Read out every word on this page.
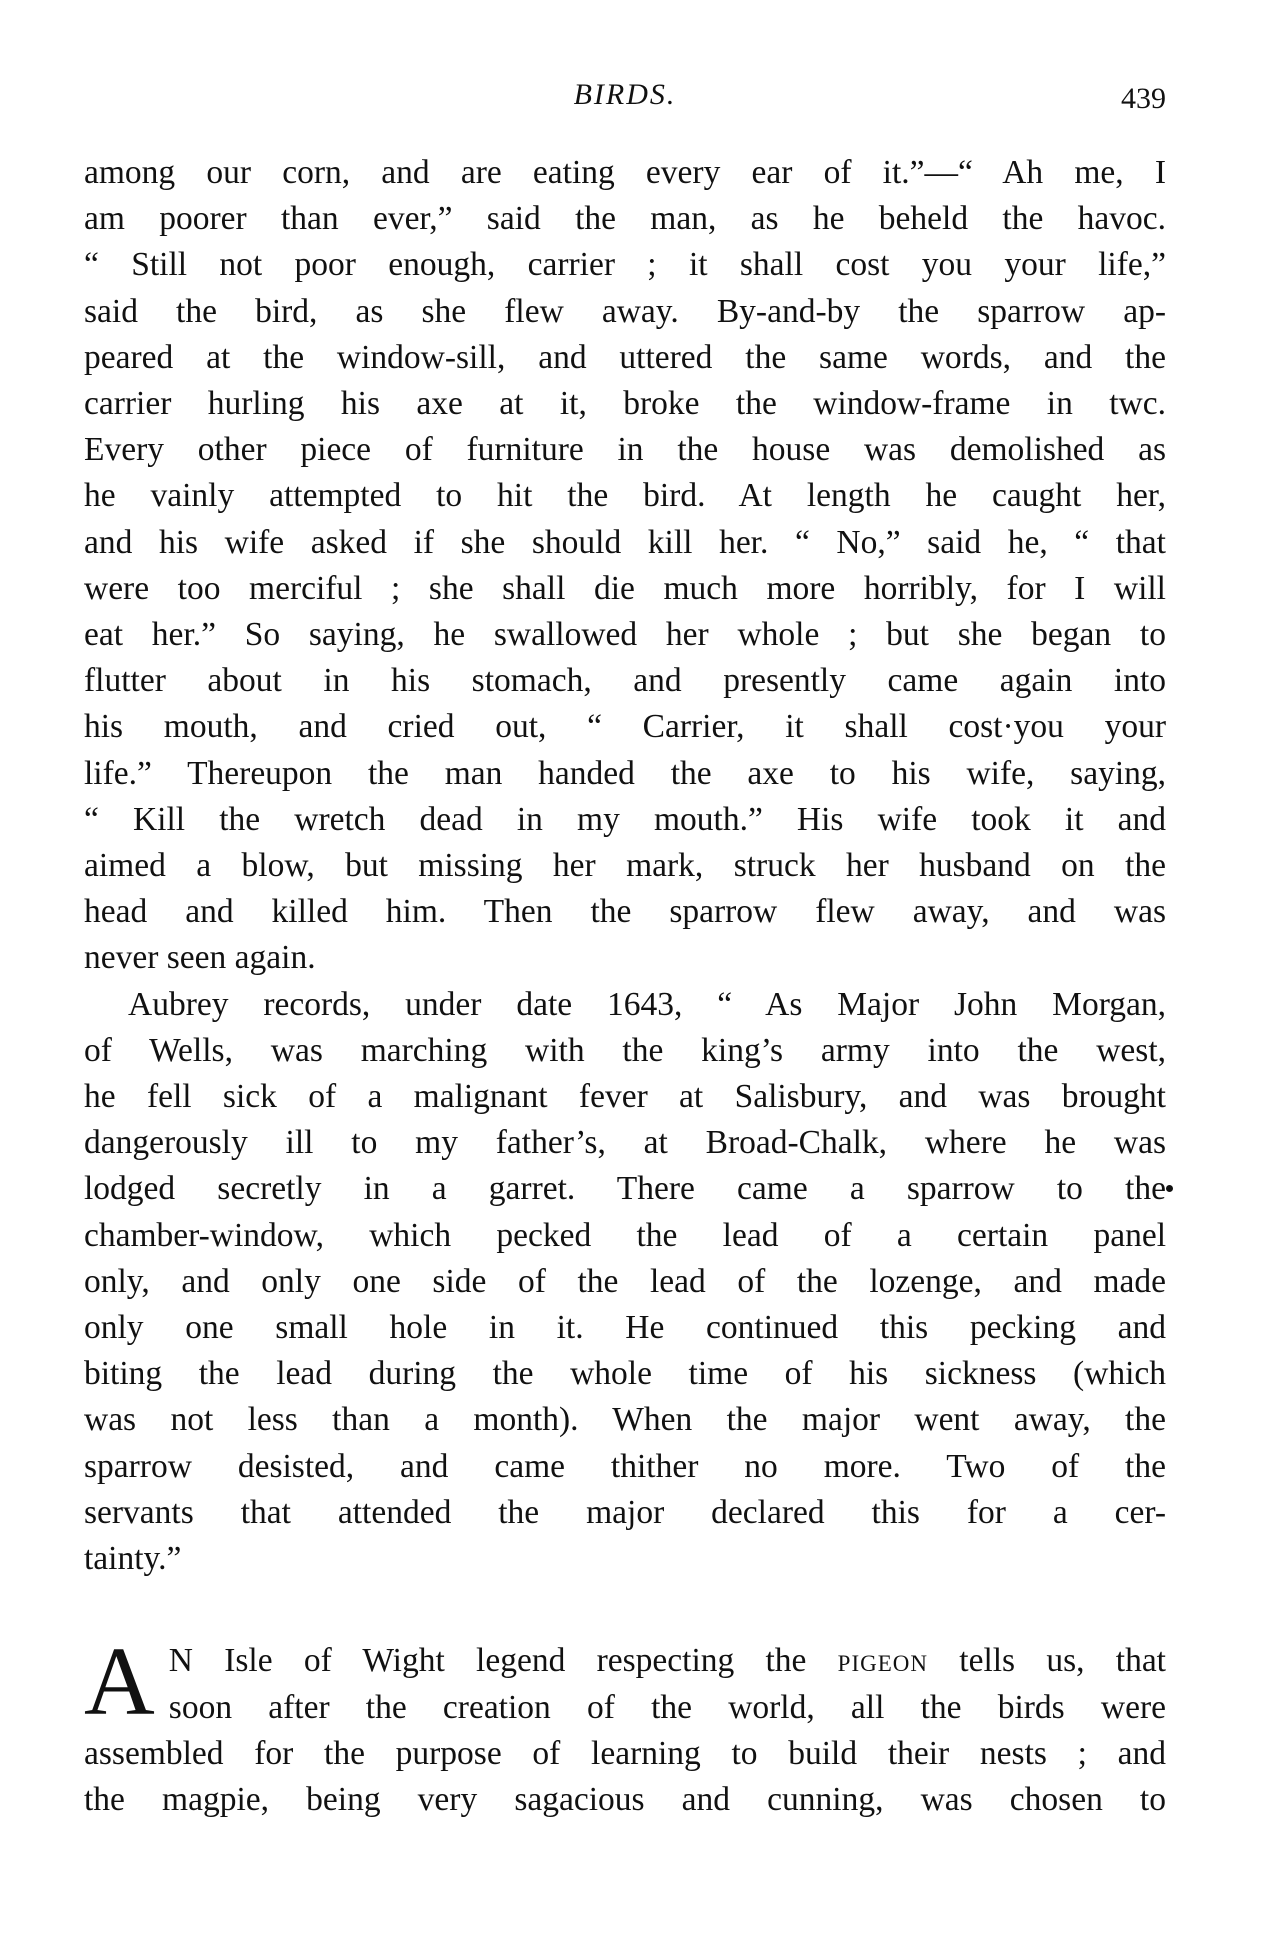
BIRDS.	439

among our corn, and are eating every ear of it.”—“ Ah me, I
am poorer than ever,” said the man, as he beheld the havoc.
“ Still not poor enough, carrier ; it shall cost you your life,”
said the bird, as she flew away. By-and-by the sparrow ap-
peared at the window-sill, and uttered the same words, and the
carrier hurling his axe at it, broke the window-frame in twc.
Every other piece of furniture in the house was demolished as
he vainly attempted to hit the bird. At length he caught her,
and his wife asked if she should kill her. “ No,” said he, “ that
were too merciful ; she shall die much more horribly, for I will
eat her.” So saying, he swallowed her whole ; but she began to
flutter about in his stomach, and presently came again into
his mouth, and cried out, “ Carrier, it shall cost·you your
life.” Thereupon the man handed the axe to his wife, saying,
“ Kill the wretch dead in my mouth.” His wife took it and
aimed a blow, but missing her mark, struck her husband on the
head and killed him. Then the sparrow flew away, and was
never seen again.

Aubrey records, under date 1643, “ As Major John Morgan,
of Wells, was marching with the king’s army into the west,
he fell sick of a malignant fever at Salisbury, and was brought
dangerously ill to my father’s, at Broad-Chalk, where he was
lodged secretly in a garret. There came a sparrow to the
chamber-window, which pecked the lead of a certain panel
only, and only one side of the lead of the lozenge, and made
only one small hole in it. He continued this pecking and
biting the lead during the whole time of his sickness (which
was not less than a month). When the major went away, the
sparrow desisted, and came thither no more. Two of the
servants that attended the major declared this for a cer-
tainty.”

A N Isle of Wight legend respecting the pigeon tells us, that
soon after the creation of the world, all the birds were
assembled for the purpose of learning to build their nests ; and
the magpie, being very sagacious and cunning, was chosen to
